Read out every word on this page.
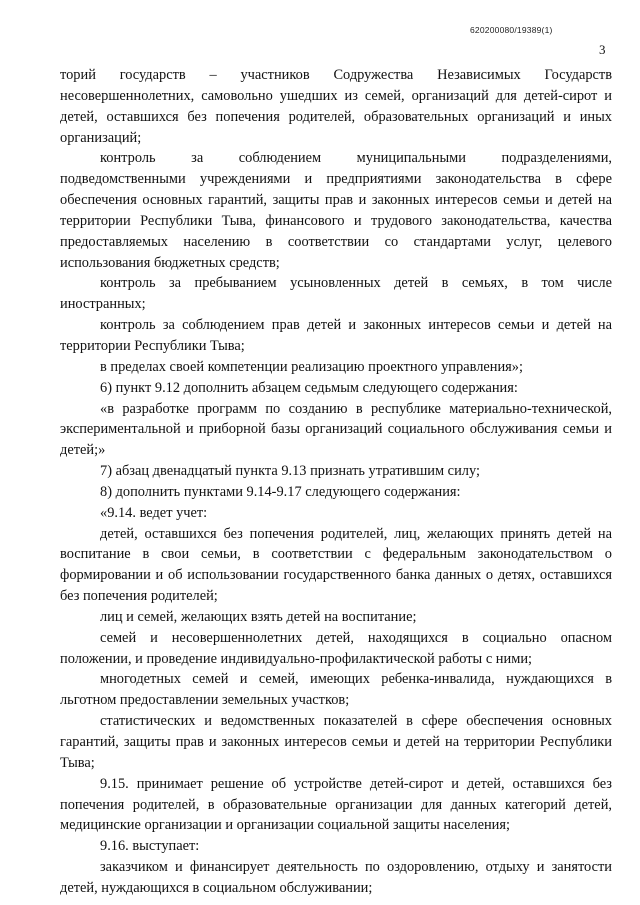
620200080/19389(1)
3

торий государств – участников Содружества Независимых Государств несовершеннолетних, самовольно ушедших из семей, организаций для детей-сирот и детей, оставшихся без попечения родителей, образовательных организаций и иных организаций;

контроль за соблюдением муниципальными подразделениями, подведомственными учреждениями и предприятиями законодательства в сфере обеспечения основных гарантий, защиты прав и законных интересов семьи и детей на территории Республики Тыва, финансового и трудового законодательства, качества предоставляемых населению в соответствии со стандартами услуг, целевого использования бюджетных средств;

контроль за пребыванием усыновленных детей в семьях, в том числе иностранных;

контроль за соблюдением прав детей и законных интересов семьи и детей на территории Республики Тыва;

в пределах своей компетенции реализацию проектного управления»;

6) пункт 9.12 дополнить абзацем седьмым следующего содержания:

«в разработке программ по созданию в республике материально-технической, экспериментальной и приборной базы организаций социального обслуживания семьи и детей;»

7) абзац двенадцатый пункта 9.13 признать утратившим силу;

8) дополнить пунктами 9.14-9.17 следующего содержания:

«9.14. ведет учет:

детей, оставшихся без попечения родителей, лиц, желающих принять детей на воспитание в свои семьи, в соответствии с федеральным законодательством о формировании и об использовании государственного банка данных о детях, оставшихся без попечения родителей;

лиц и семей, желающих взять детей на воспитание;

семей и несовершеннолетних детей, находящихся в социально опасном положении, и проведение индивидуально-профилактической работы с ними;

многодетных семей и семей, имеющих ребенка-инвалида, нуждающихся в льготном предоставлении земельных участков;

статистических и ведомственных показателей в сфере обеспечения основных гарантий, защиты прав и законных интересов семьи и детей на территории Республики Тыва;

9.15. принимает решение об устройстве детей-сирот и детей, оставшихся без попечения родителей, в образовательные организации для данных категорий детей, медицинские организации и организации социальной защиты населения;

9.16. выступает:

заказчиком и финансирует деятельность по оздоровлению, отдыху и занятости детей, нуждающихся в социальном обслуживании;
